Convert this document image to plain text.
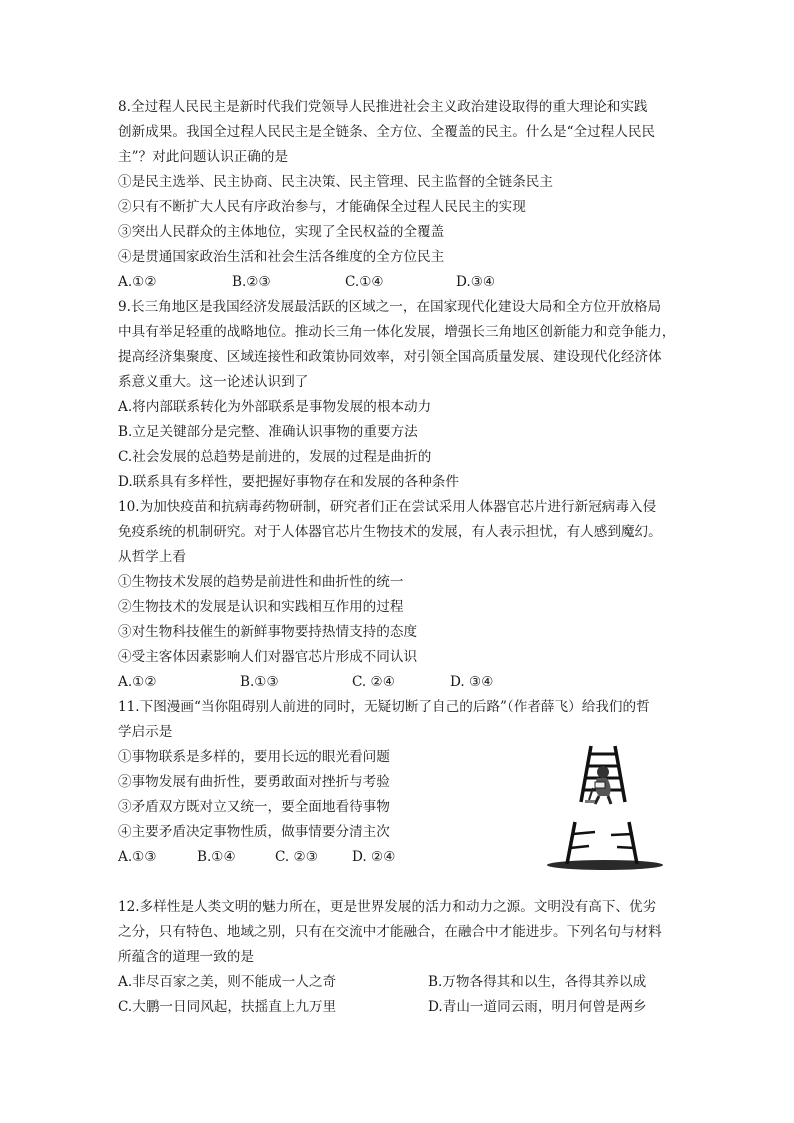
8.全过程人民民主是新时代我们党领导人民推进社会主义政治建设取得的重大理论和实践
创新成果。我国全过程人民民主是全链条、全方位、全覆盖的民主。什么是“全过程人民民
主”？对此问题认识正确的是
①是民主选举、民主协商、民主决策、民主管理、民主监督的全链条民主
②只有不断扩大人民有序政治参与，才能确保全过程人民民主的实现
③突出人民群众的主体地位，实现了全民权益的全覆盖
④是贯通国家政治生活和社会生活各维度的全方位民主
A.①②	B.②③	C.①④	D.③④
9.长三角地区是我国经济发展最活跃的区域之一，在国家现代化建设大局和全方位开放格局
中具有举足轻重的战略地位。推动长三角一体化发展，增强长三角地区创新能力和竞争能力，
提高经济集聚度、区域连接性和政策协同效率，对引领全国高质量发展、建设现代化经济体
系意义重大。这一论述认识到了
A.将内部联系转化为外部联系是事物发展的根本动力
B.立足关键部分是完整、准确认识事物的重要方法
C.社会发展的总趋势是前进的，发展的过程是曲折的
D.联系具有多样性，要把握好事物存在和发展的各种条件
10.为加快疫苗和抗病毒药物研制，研究者们正在尝试采用人体器官芯片进行新冠病毒入侵
免疫系统的机制研究。对于人体器官芯片生物技术的发展，有人表示担忧，有人感到魔幻。
从哲学上看
①生物技术发展的趋势是前进性和曲折性的统一
②生物技术的发展是认识和实践相互作用的过程
③对生物科技催生的新鲜事物要持热情支持的态度
④受主客体因素影响人们对器官芯片形成不同认识
A.①②	B.①③	C. ②④	D. ③④
11.下图漫画“当你阻碍别人前进的同时，无疑切断了自己的后路”（作者薛飞）给我们的哲
学启示是
①事物联系是多样的，要用长远的眼光看问题
②事物发展有曲折性，要勇敢面对挫折与考验
③矛盾双方既对立又统一，要全面地看待事物
④主要矛盾决定事物性质，做事情要分清主次
A.①③	B.①④	C. ②③	D. ②④
12.多样性是人类文明的魅力所在，更是世界发展的活力和动力之源。文明没有高下、优劣
之分，只有特色、地域之别，只有在交流中才能融合，在融合中才能进步。下列名句与材料
所蕴含的道理一致的是
A.非尽百家之美，则不能成一人之奇	B.万物各得其和以生，各得其养以成
C.大鹏一日同风起，扶摇直上九万里	D.青山一道同云雨，明月何曾是两乡
